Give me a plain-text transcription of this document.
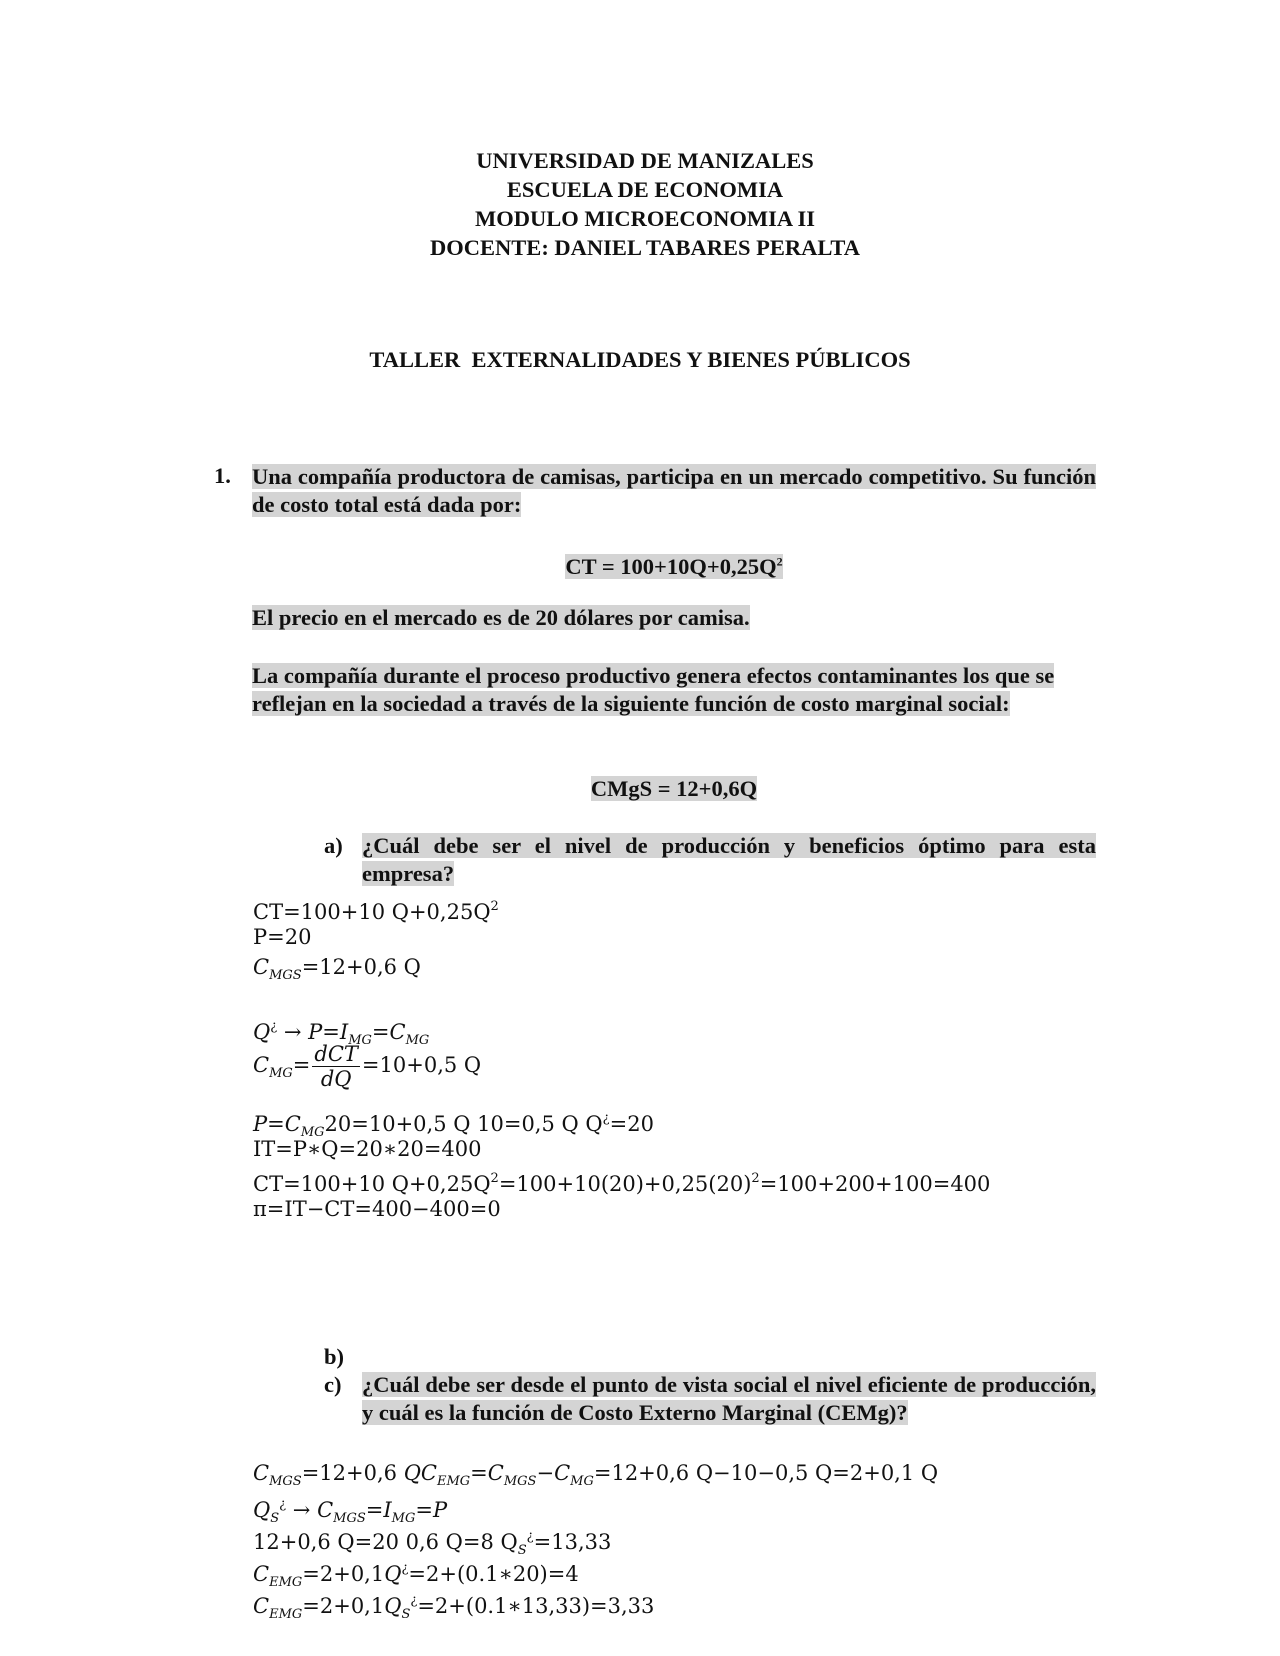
UNIVERSIDAD DE MANIZALES
ESCUELA DE ECONOMIA
MODULO MICROECONOMIA II
DOCENTE: DANIEL TABARES PERALTA
TALLER  EXTERNALIDADES Y BIENES PÚBLICOS
1. Una compañía productora de camisas, participa en un mercado competitivo. Su función de costo total está dada por:
CT = $100+10Q+0,25Q^2$
El precio en el mercado es de 20 dólares por camisa.
La compañía durante el proceso productivo genera efectos contaminantes los que se reflejan en la sociedad a través de la siguiente función de costo marginal social:
CMgS = 12+0,6Q
a) ¿Cuál debe ser el nivel de producción y beneficios óptimo para esta empresa?
CT=100+10 $Q+0,25Q^2$
P=20
$C_{MGS}=12+0,6$ Q
$Q^¿ \to P=I_{MG}=C_{MG}$
$C_{MG}= \frac{\text{dCT}}{dQ} =10+0,5$ Q
$P=C_{MG}20=10+0,5$ Q 10=0,5 Q Q¿=20
IT=P∗Q=20∗20=400
CT=100+10 $Q+0,25Q^2=100+10(20)+0,25(20)^2=100+200+100=400$
π=IT−CT=400−400=0
b)
c) ¿Cuál debe ser desde el punto de vista social el nivel eficiente de producción, y cuál es la función de Costo Externo Marginal (CEMg)?
$C_{MGS}=12+0,6$ $QC_{EMG}=C_{MGS}-C_{MG}=12+0,6$ Q−10−0,5 Q=2+0,1 Q
$Q_S^¿ \to C_{MGS}=I_{MG}=P$
12+0,6 Q=20 0,6 Q=8 $Q_S^¿=13,33$
$C_{EMG}=2+0,1Q^¿=2+(0.1∗20)=4$
$C_{EMG}=2+0,1Q_S^¿=2+(0.1∗13,33)=3,33$
